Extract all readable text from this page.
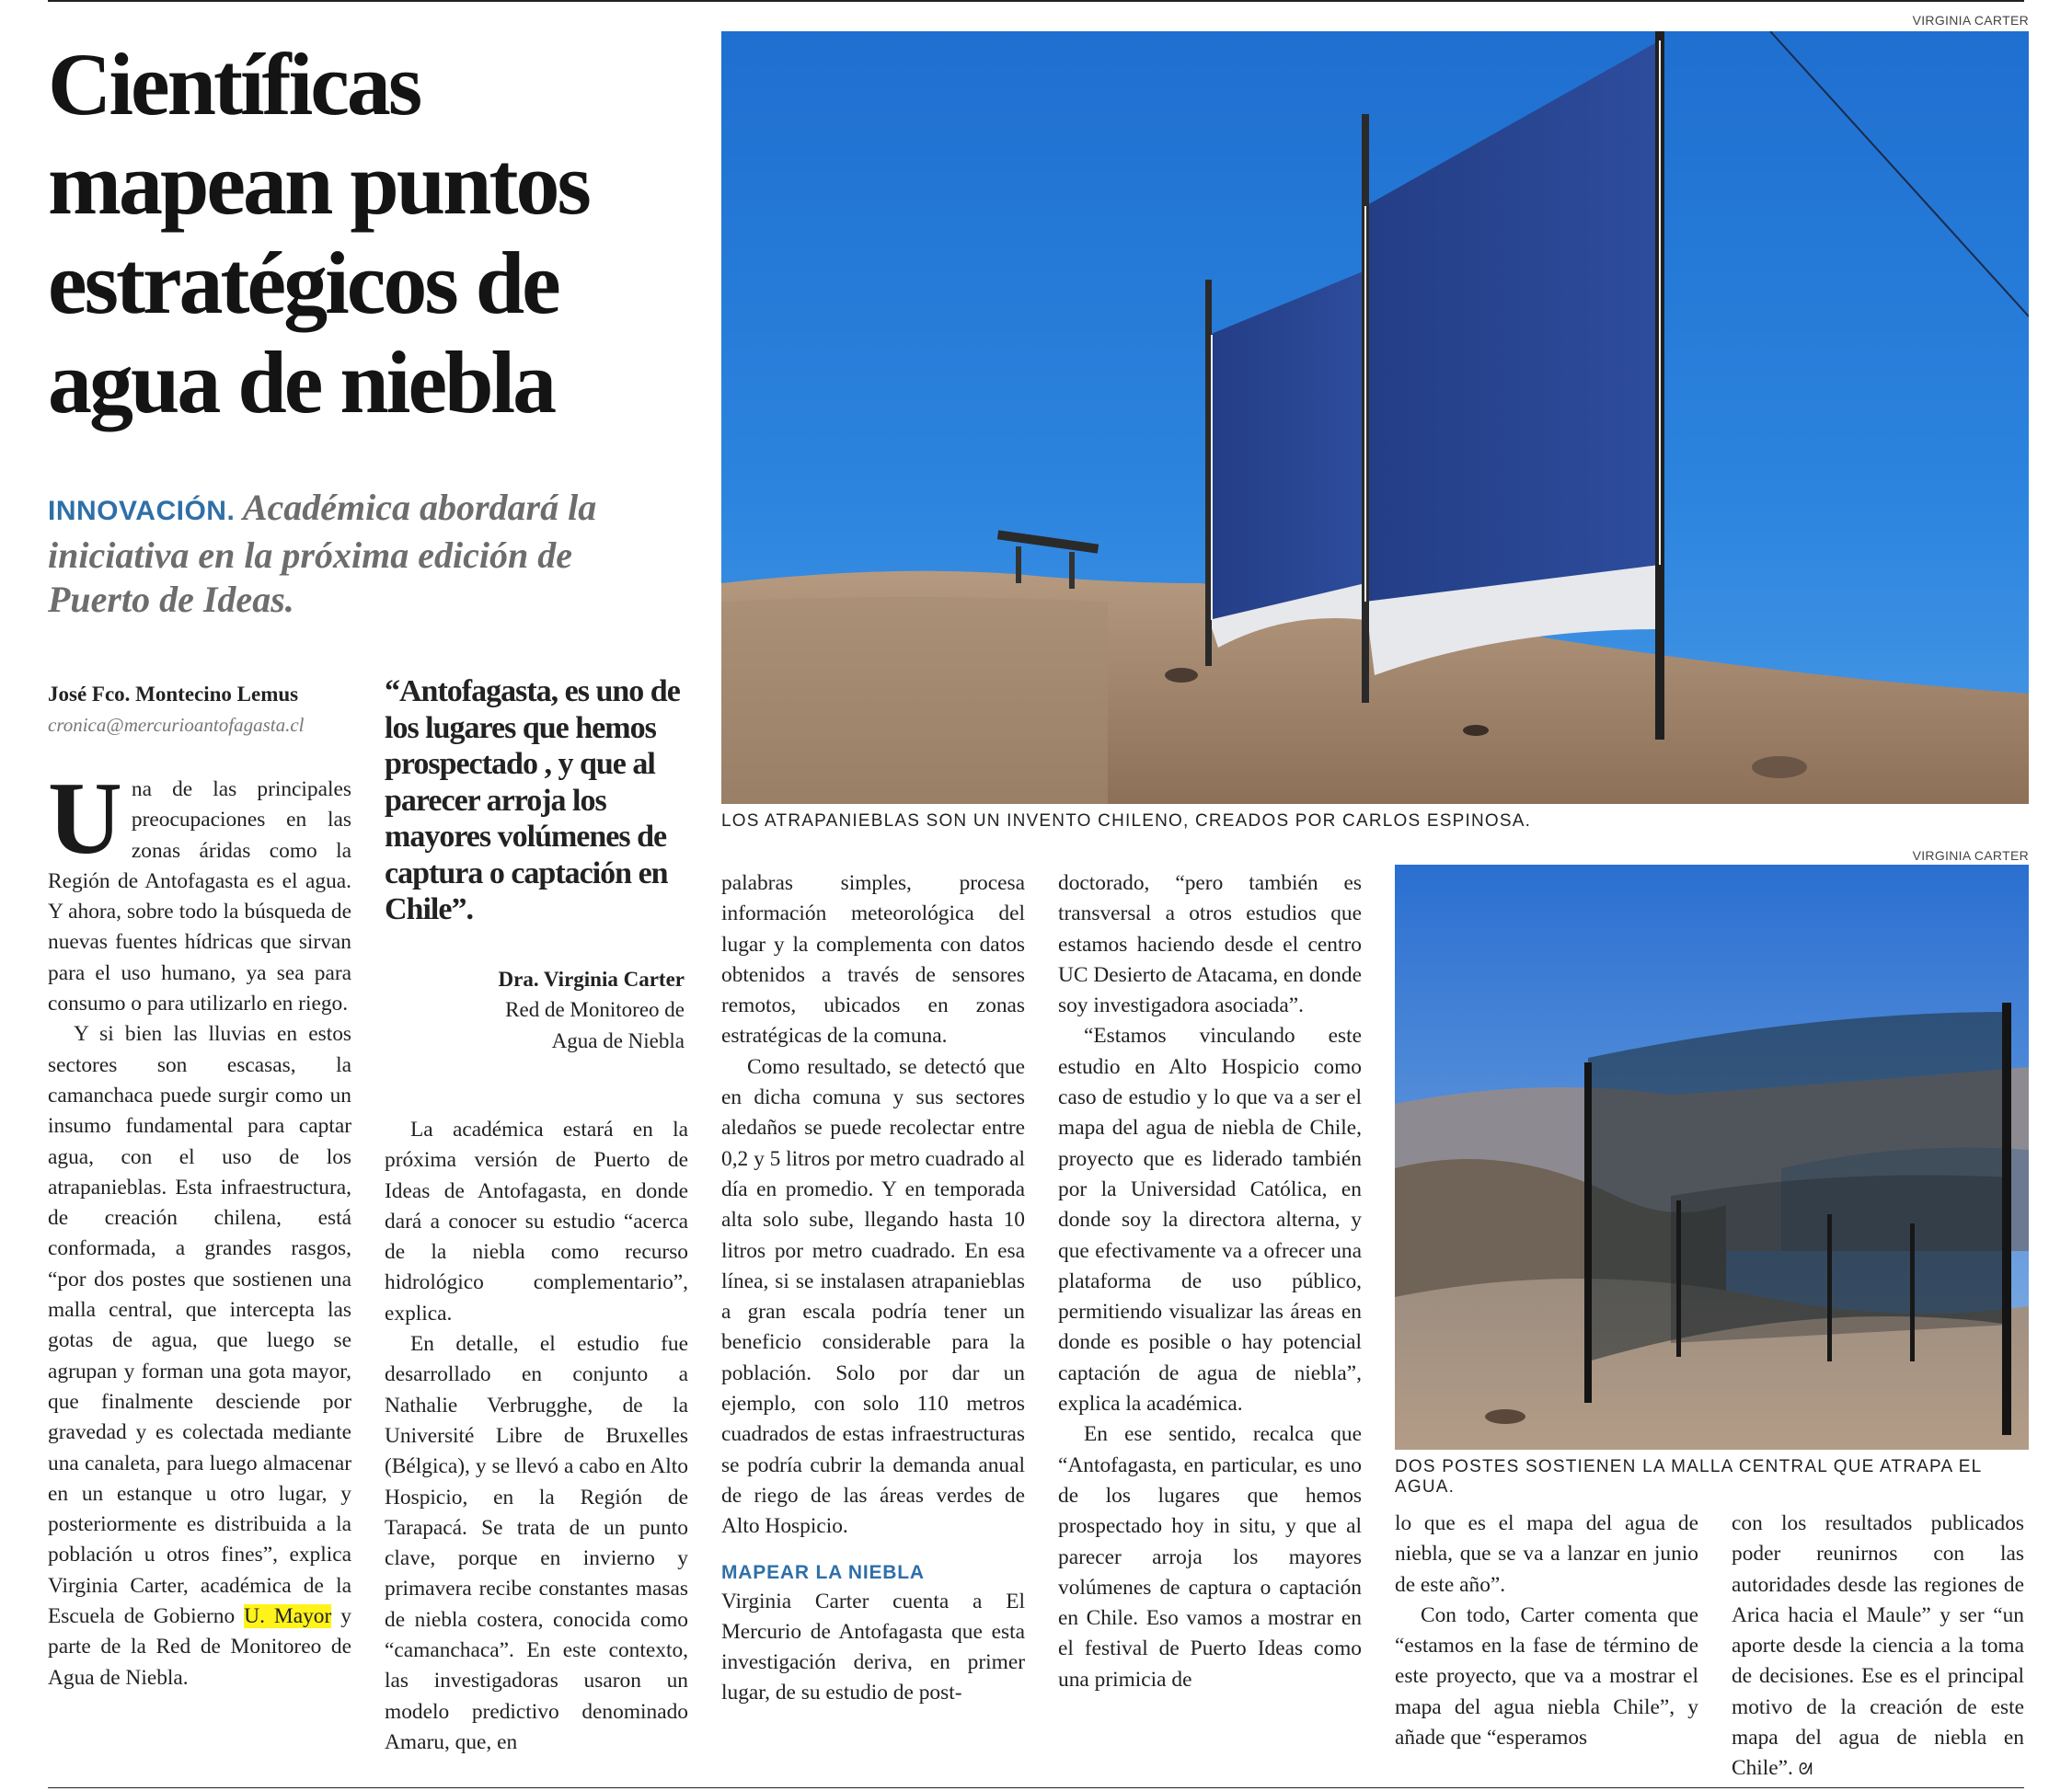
Científicas mapean puntos estratégicos de agua de niebla

INNOVACIÓN. Académica abordará la iniciativa en la próxima edición de Puerto de Ideas.

José Fco. Montecino Lemus
cronica@mercurioantofagasta.cl

Una de las principales preocupaciones en las zonas áridas como la Región de Antofagasta es el agua. Y ahora, sobre todo la búsqueda de nuevas fuentes hídricas que sirvan para el uso humano, ya sea para consumo o para utilizarlo en riego.

Y si bien las lluvias en estos sectores son escasas, la camanchaca puede surgir como un insumo fundamental para captar agua, con el uso de los atrapanieblas. Esta infraestructura, de creación chilena, está conformada, a grandes rasgos, “por dos postes que sostienen una malla central, que intercepta las gotas de agua, que luego se agrupan y forman una gota mayor, que finalmente desciende por gravedad y es colectada mediante una canaleta, para luego almacenar en un estanque u otro lugar, y posteriormente es distribuida a la población u otros fines”, explica Virginia Carter, académica de la Escuela de Gobierno U. Mayor y parte de la Red de Monitoreo de Agua de Niebla.

“Antofagasta, es uno de los lugares que hemos prospectado , y que al parecer arroja los mayores volúmenes de captura o captación en Chile”.

Dra. Virginia Carter
Red de Monitoreo de Agua de Niebla

La académica estará en la próxima versión de Puerto de Ideas de Antofagasta, en donde dará a conocer su estudio “acerca de la niebla como recurso hidrológico complementario”, explica.

En detalle, el estudio fue desarrollado en conjunto a Nathalie Verbrugghe, de la Université Libre de Bruxelles (Bélgica), y se llevó a cabo en Alto Hospicio, en la Región de Tarapacá. Se trata de un punto clave, porque en invierno y primavera recibe constantes masas de niebla costera, conocida como “camanchaca”. En este contexto, las investigadoras usaron un modelo predictivo denominado Amaru, que, en

palabras simples, procesa información meteorológica del lugar y la complementa con datos obtenidos a través de sensores remotos, ubicados en zonas estratégicas de la comuna.

Como resultado, se detectó que en dicha comuna y sus sectores aledaños se puede recolectar entre 0,2 y 5 litros por metro cuadrado al día en promedio. Y en temporada alta solo sube, llegando hasta 10 litros por metro cuadrado. En esa línea, si se instalasen atrapanieblas a gran escala podría tener un beneficio considerable para la población. Solo por dar un ejemplo, con solo 110 metros cuadrados de estas infraestructuras se podría cubrir la demanda anual de riego de las áreas verdes de Alto Hospicio.

MAPEAR LA NIEBLA

Virginia Carter cuenta a El Mercurio de Antofagasta que esta investigación deriva, en primer lugar, de su estudio de post-

doctorado, “pero también es transversal a otros estudios que estamos haciendo desde el centro UC Desierto de Atacama, en donde soy investigadora asociada”.

“Estamos vinculando este estudio en Alto Hospicio como caso de estudio y lo que va a ser el mapa del agua de niebla de Chile, proyecto que es liderado también por la Universidad Católica, en donde soy la directora alterna, y que efectivamente va a ofrecer una plataforma de uso público, permitiendo visualizar las áreas en donde es posible o hay potencial captación de agua de niebla”, explica la académica.

En ese sentido, recalca que “Antofagasta, en particular, es uno de los lugares que hemos prospectado hoy in situ, y que al parecer arroja los mayores volúmenes de captura o captación en Chile. Eso vamos a mostrar en el festival de Puerto Ideas como una primicia de

lo que es el mapa del agua de niebla, que se va a lanzar en junio de este año”.

Con todo, Carter comenta que “estamos en la fase de término de este proyecto, que va a mostrar el mapa del agua niebla Chile”, y añade que “esperamos

con los resultados publicados poder reunirnos con las autoridades desde las regiones de Arica hacia el Maule” y ser “un aporte desde la ciencia a la toma de decisiones. Ese es el principal motivo de la creación de este mapa del agua de niebla en Chile”. ᘛ

VIRGINIA CARTER
LOS ATRAPANIEBLAS SON UN INVENTO CHILENO, CREADOS POR CARLOS ESPINOSA.
VIRGINIA CARTER
DOS POSTES SOSTIENEN LA MALLA CENTRAL QUE ATRAPA EL AGUA.
